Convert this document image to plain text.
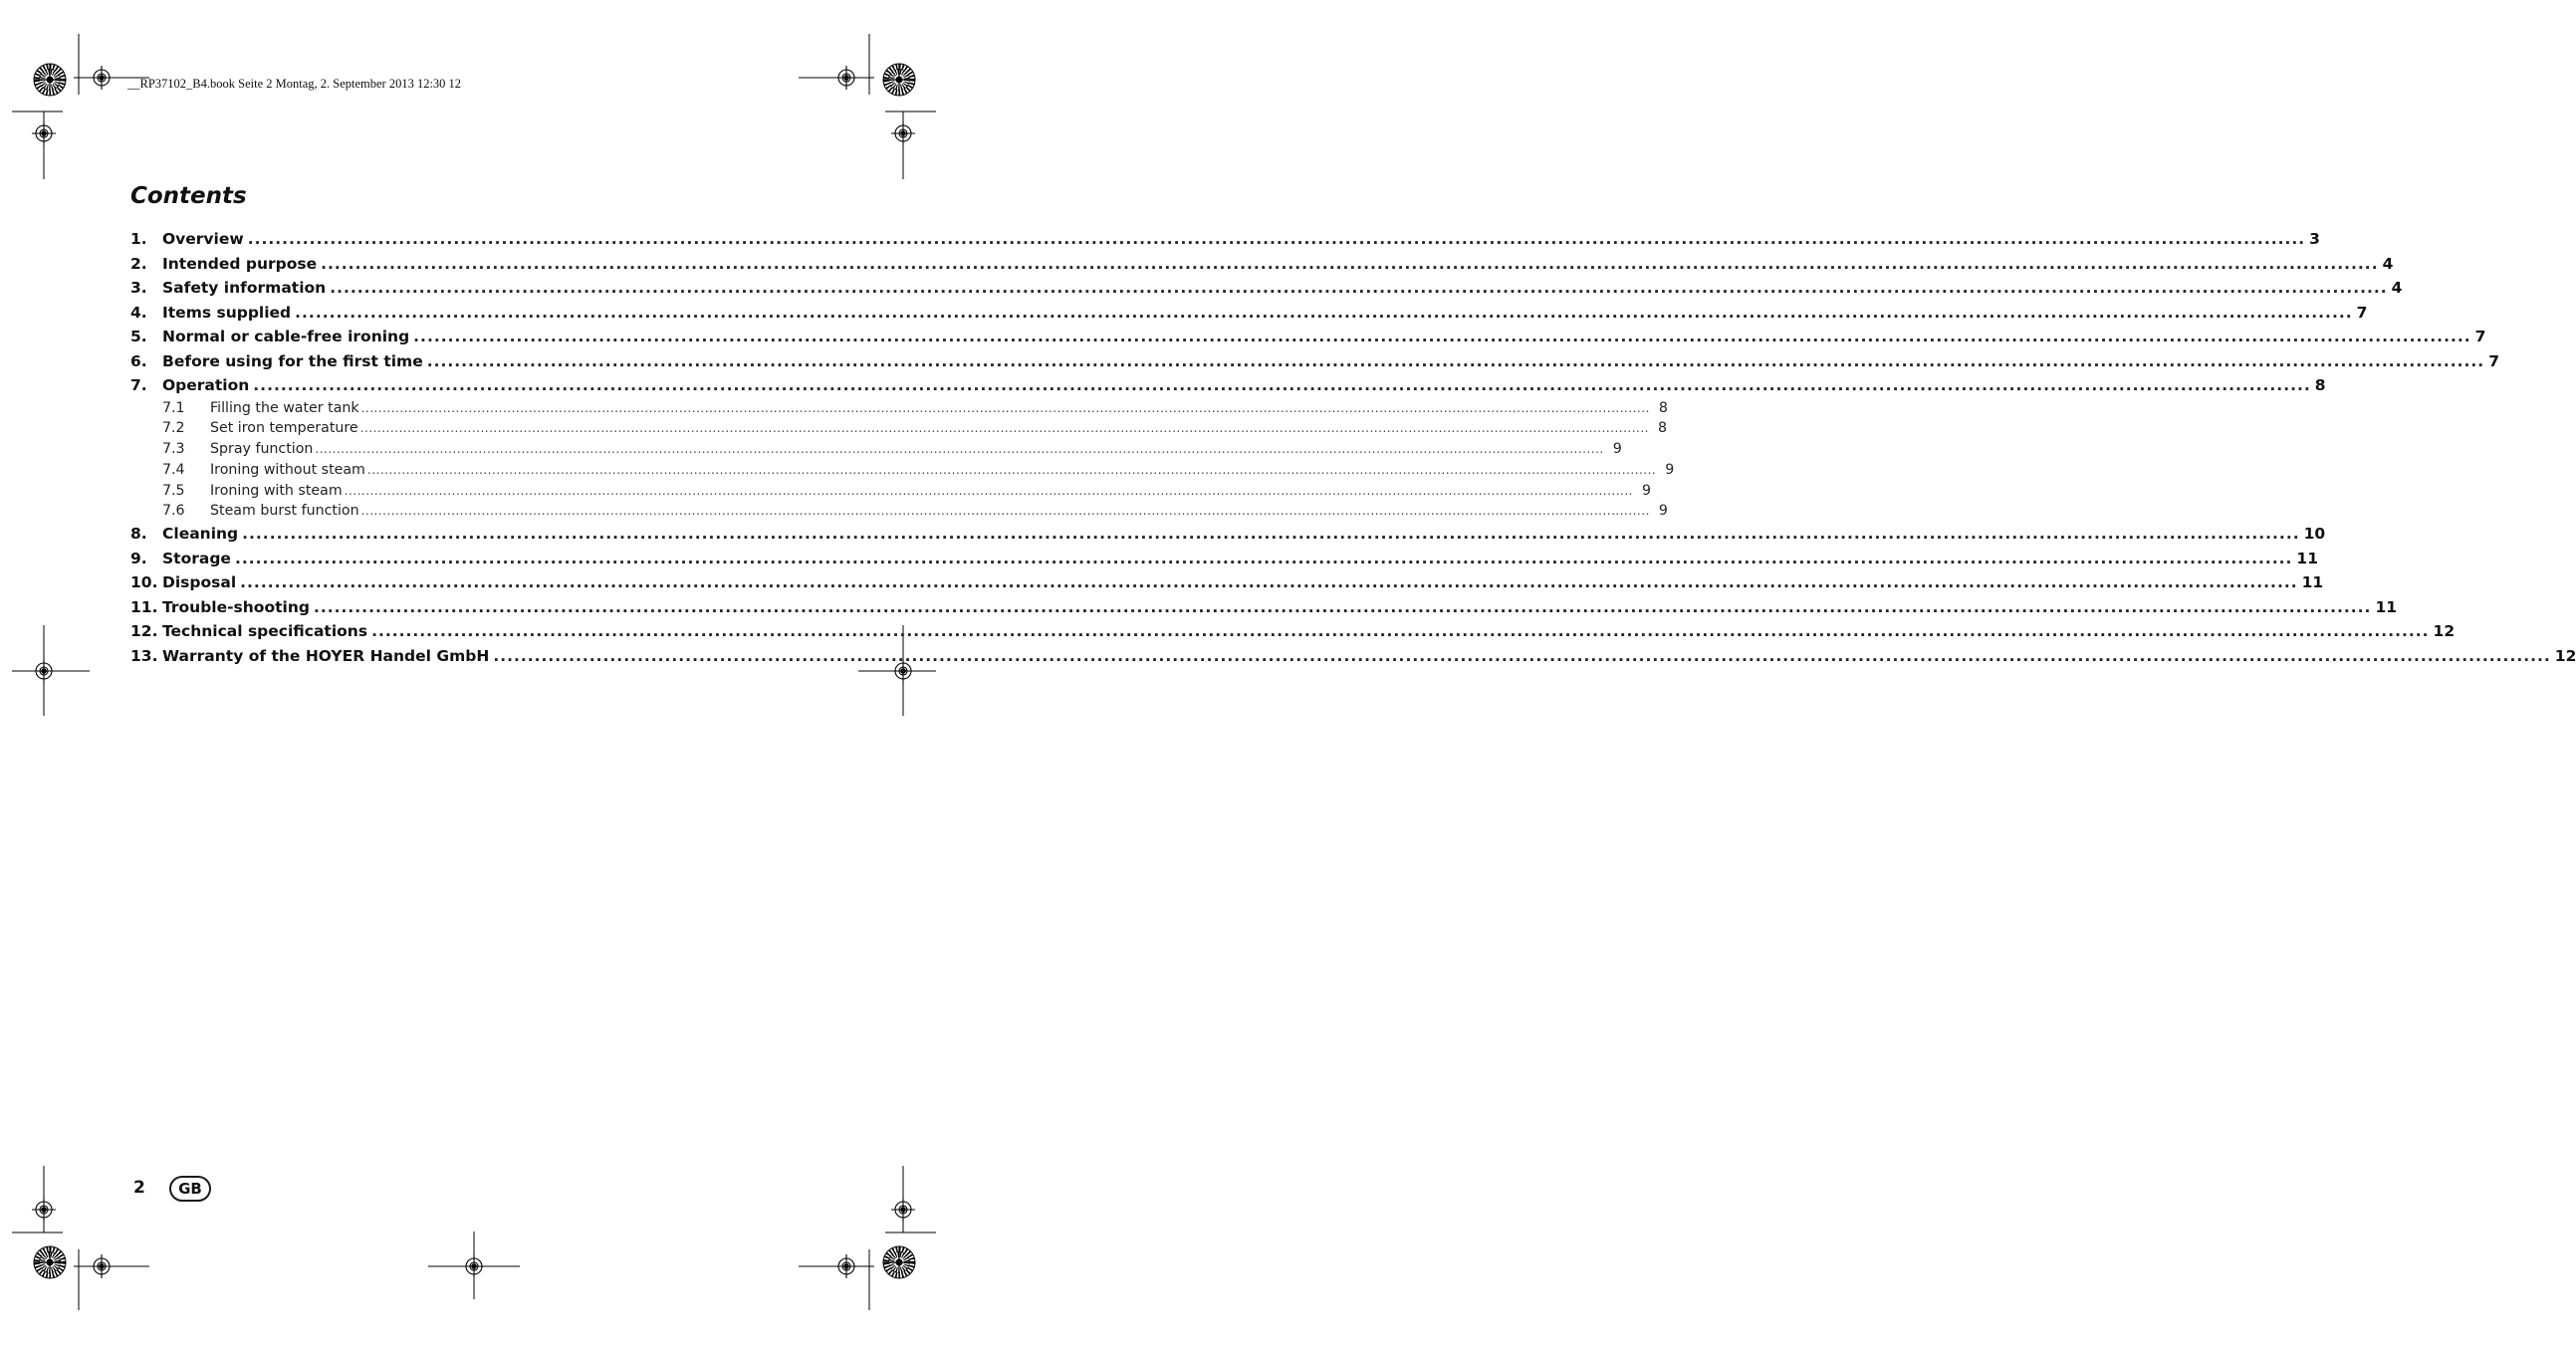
__RP37102_B4.book Seite 2 Montag, 2. September 2013 12:30 12
Contents
1. Overview ............................................................................................................................................................................................................................................................................................................ 3
2. Intended purpose ............................................................................................................................................................................................................................................................................................................ 4
3. Safety information ............................................................................................................................................................................................................................................................................................................ 4
4. Items supplied ............................................................................................................................................................................................................................................................................................................ 7
5. Normal or cable-free ironing ............................................................................................................................................................................................................................................................................................................ 7
6. Before using for the first time ............................................................................................................................................................................................................................................................................................................ 7
7. Operation ............................................................................................................................................................................................................................................................................................................ 8
7.1	Filling the water tank ............................................................................................................................................................................................................................................................................................................ 8
7.2	Set iron temperature ............................................................................................................................................................................................................................................................................................................ 8
7.3	Spray function ............................................................................................................................................................................................................................................................................................................ 9
7.4	Ironing without steam ............................................................................................................................................................................................................................................................................................................ 9
7.5	Ironing with steam ............................................................................................................................................................................................................................................................................................................ 9
7.6	Steam burst function ............................................................................................................................................................................................................................................................................................................ 9
8. Cleaning ............................................................................................................................................................................................................................................................................................................ 10
9. Storage ............................................................................................................................................................................................................................................................................................................ 11
10. Disposal ............................................................................................................................................................................................................................................................................................................ 11
11. Trouble-shooting ............................................................................................................................................................................................................................................................................................................ 11
12. Technical specifications ............................................................................................................................................................................................................................................................................................................ 12
13. Warranty of the HOYER Handel GmbH ............................................................................................................................................................................................................................................................................................................ 12
2	GB
